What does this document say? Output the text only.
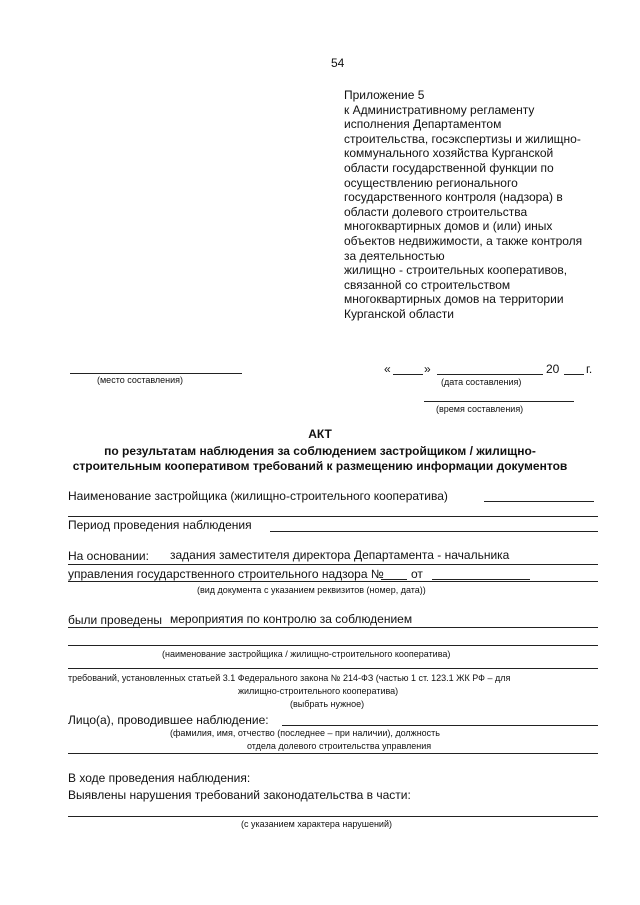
54
Приложение 5
к Административному регламенту
исполнения Департаментом
строительства, госэкспертизы и жилищно-
коммунального хозяйства Курганской
области государственной функции по
осуществлению регионального
государственного контроля (надзора) в
области долевого строительства
многоквартирных домов и (или) иных
объектов недвижимости, а также контроля
за деятельностью
жилищно - строительных кооперативов,
связанной со строительством
многоквартирных домов на территории
Курганской области
(место составления)
«	»	20 г.
(дата составления)
(время составления)
АКТ
по результатам наблюдения за соблюдением застройщиком / жилищно-
строительным кооперативом требований к размещению информации документов
Наименование застройщика (жилищно-строительного кооператива)
Период проведения наблюдения
На основании: задания заместителя директора Департамента - начальника
управления государственного строительного надзора № от
(вид документа с указанием реквизитов (номер, дата))
были проведены мероприятия по контролю за соблюдением
(наименование застройщика / жилищно-строительного кооператива)
требований, установленных статьей 3.1 Федерального закона № 214-ФЗ (частью 1 ст. 123.1 ЖК РФ – для
жилищно-строительного кооператива)
(выбрать нужное)
Лицо(а), проводившее наблюдение:
(фамилия, имя, отчество (последнее – при наличии), должность
отдела долевого строительства управления
В ходе проведения наблюдения:
Выявлены нарушения требований законодательства в части:
(с указанием характера нарушений)
